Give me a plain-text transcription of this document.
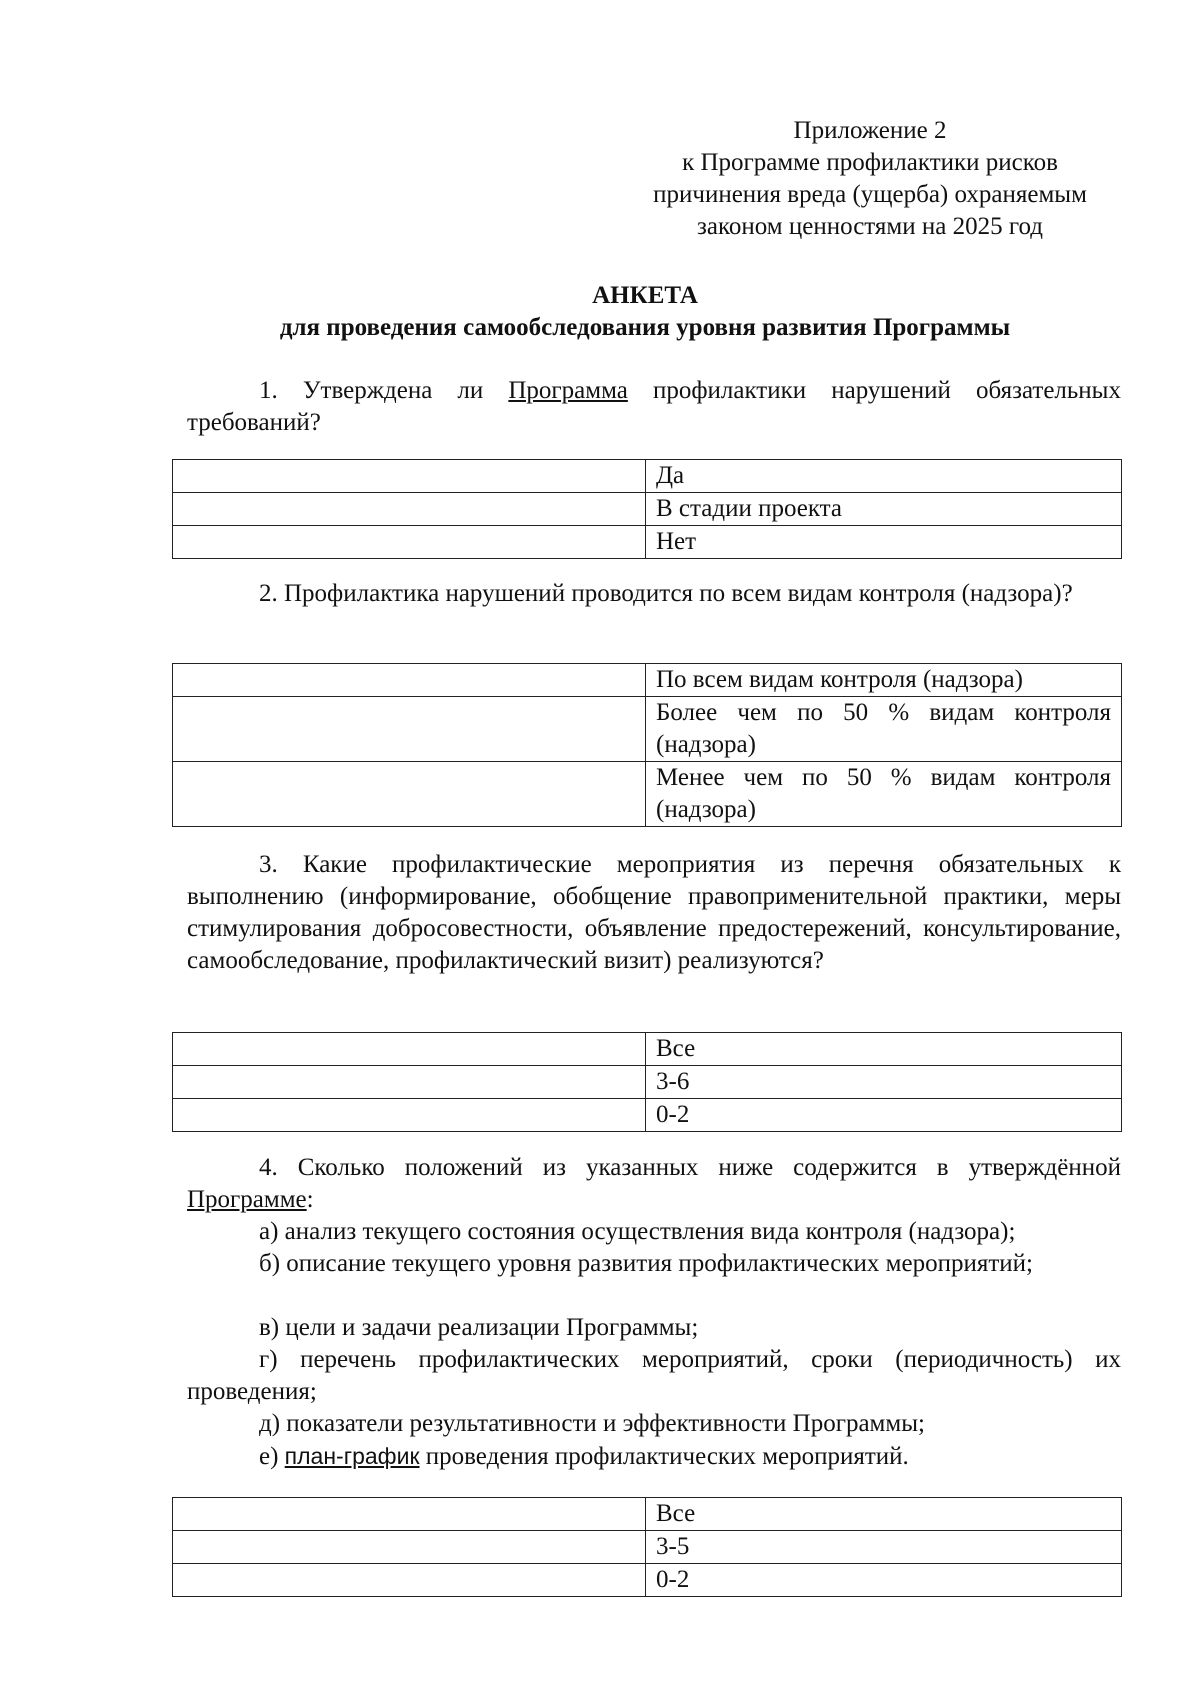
Приложение 2
к Программе профилактики рисков
причинения вреда (ущерба) охраняемым
законом ценностями на 2025 год
АНКЕТА
для проведения самообследования уровня развития Программы
1. Утверждена ли Программа профилактики нарушений обязательных требований?
	Да
	В стадии проекта
	Нет
2. Профилактика нарушений проводится по всем видам контроля (надзора)?
	По всем видам контроля (надзора)
	Более чем по 50 % видам контроля (надзора)
	Менее чем по 50 % видам контроля (надзора)
3. Какие профилактические мероприятия из перечня обязательных к выполнению (информирование, обобщение правоприменительной практики, меры стимулирования добросовестности, объявление предостережений, консультирование, самообследование, профилактический визит) реализуются?
	Все
	3-6
	0-2
4. Сколько положений из указанных ниже содержится в утверждённой Программе:
а) анализ текущего состояния осуществления вида контроля (надзора);
б) описание текущего уровня развития профилактических мероприятий;
в) цели и задачи реализации Программы;
г) перечень профилактических мероприятий, сроки (периодичность) их проведения;
д) показатели результативности и эффективности Программы;
е) план-график проведения профилактических мероприятий.
	Все
	3-5
	0-2
